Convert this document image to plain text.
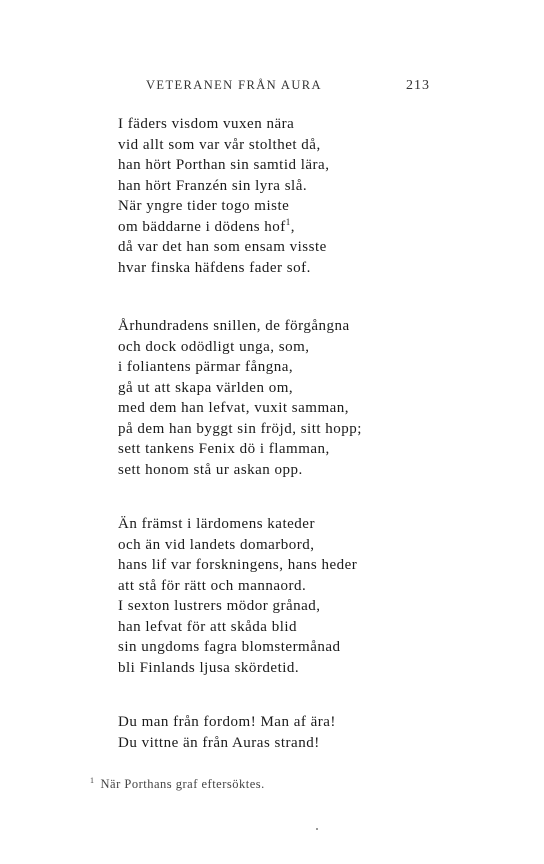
VETERANEN FRÅN AURA	213
I fäders visdom vuxen nära
vid allt som var vår stolthet då,
han hört Porthan sin samtid lära,
han hört Franzén sin lyra slå.
När yngre tider togo miste
om bäddarne i dödens hof$^1$,
då var det han som ensam visste
hvar finska häfdens fader sof.
Århundradens snillen, de förgångna
och dock odödligt unga, som,
i foliantens pärmar fångna,
gå ut att skapa världen om,
med dem han lefvat, vuxit samman,
på dem han byggt sin fröjd, sitt hopp;
sett tankens Fenix dö i flamman,
sett honom stå ur askan opp.
Än främst i lärdomens kateder
och än vid landets domarbord,
hans lif var forskningens, hans heder
att stå för rätt och mannaord.
I sexton lustrers mödor grånad,
han lefvat för att skåda blid
sin ungdoms fagra blomstermånad
bli Finlands ljusa skördetid.
Du man från fordom! Man af ära!
Du vittne än från Auras strand!
$^1$ När Porthans graf eftersöktes.
